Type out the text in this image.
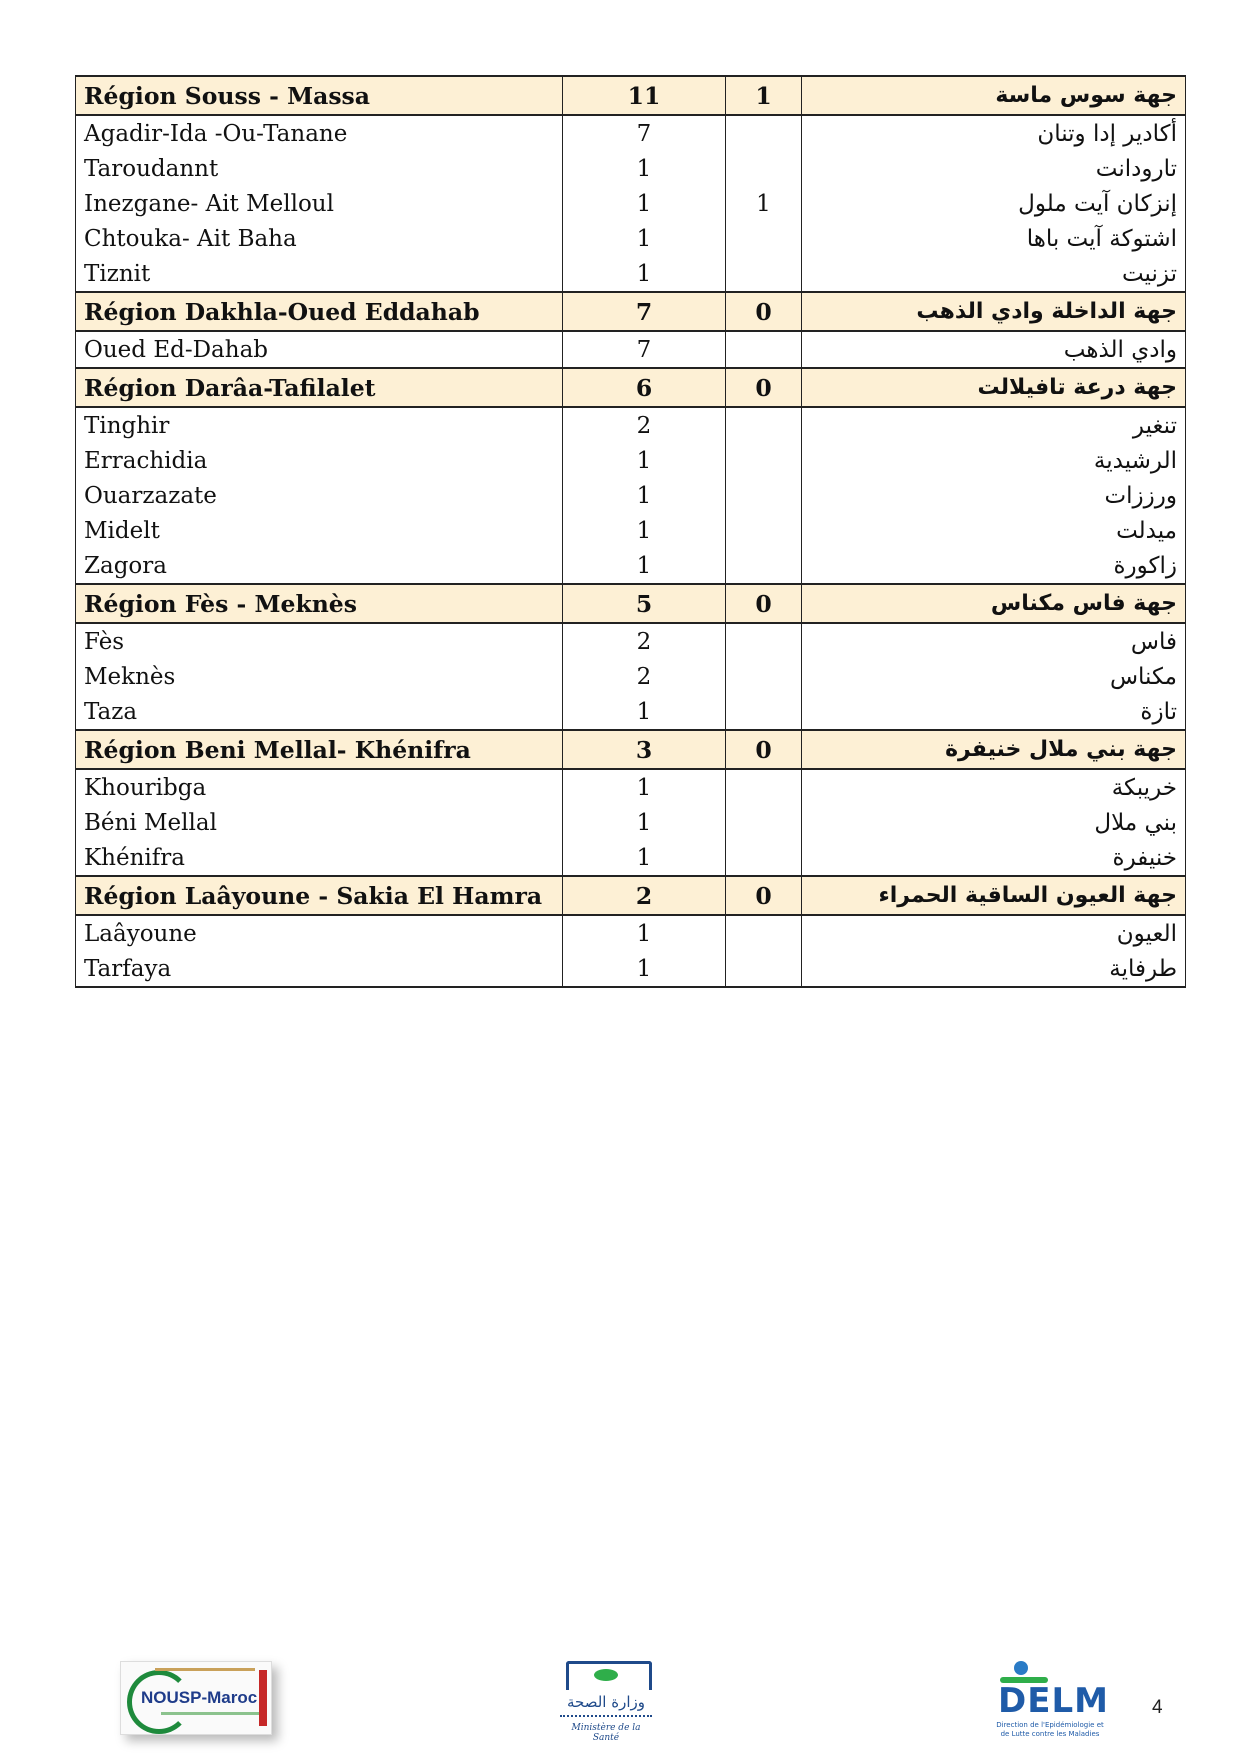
Région Souss - Massa	11	1	جهة سوس ماسة
Agadir-Ida -Ou-Tanane	7		أكادير إدا وتنان
Taroudannt	1		تارودانت
Inezgane- Ait Melloul	1	1	إنزكان آيت ملول
Chtouka- Ait Baha	1		اشتوكة آيت باها
Tiznit	1		تزنيت
Région Dakhla-Oued Eddahab	7	0	جهة الداخلة وادي الذهب
Oued Ed-Dahab	7		وادي الذهب
Région Darâa-Tafilalet	6	0	جهة درعة تافيلالت
Tinghir	2		تنغير
Errachidia	1		الرشيدية
Ouarzazate	1		ورززات
Midelt	1		ميدلت
Zagora	1		زاكورة
Région Fès - Meknès	5	0	جهة فاس مكناس
Fès	2		فاس
Meknès	2		مكناس
Taza	1		تازة
Région Beni Mellal- Khénifra	3	0	جهة بني ملال خنيفرة
Khouribga	1		خريبكة
Béni Mellal	1		بني ملال
Khénifra	1		خنيفرة
Région Laâyoune - Sakia El Hamra	2	0	جهة العيون الساقية الحمراء
Laâyoune	1		العيون
Tarfaya	1		طرفاية
NOUSP-Maroc	وزارة الصحة
Ministère de la Santé
DELM
Direction de l'Epidémiologie et de Lutte contre les Maladies
4
